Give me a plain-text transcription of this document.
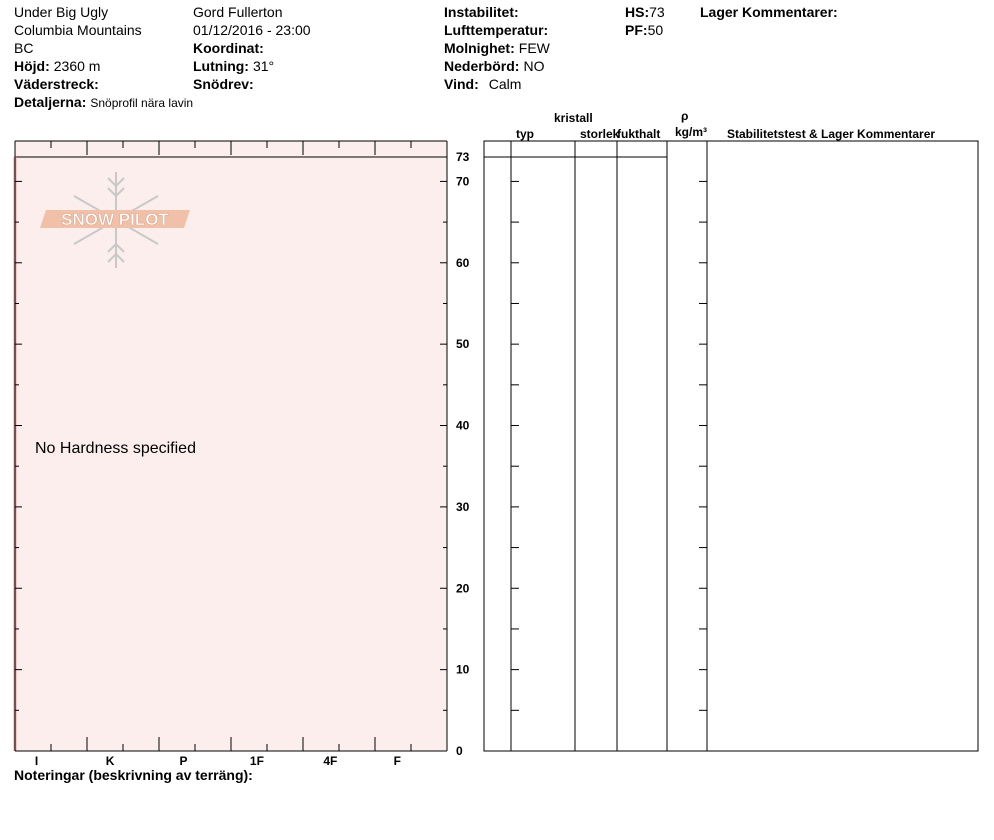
Under Big Ugly
Columbia Mountains
BC
Höjd: 2360 m
Väderstreck:
Detaljerna: Snöprofil nära lavin
Gord Fullerton
01/12/2016 - 23:00
Koordinat:
Lutning: 31°
Snödrev:
Instabilitet:
Lufttemperatur:
Molnighet: FEW
Nederbörd: NO
Vind: Calm
HS:73
PF:50
Lager Kommentarer:
kristall
typ	storlek
fukthalt
ρ
kg/m³ Stabilitetstest & Lager Kommentarer
I	K	P	1F	4F	F
0
10
20
30
40
50
60
70
73
SNOW PILOT
No Hardness specified
Noteringar (beskrivning av terräng):
